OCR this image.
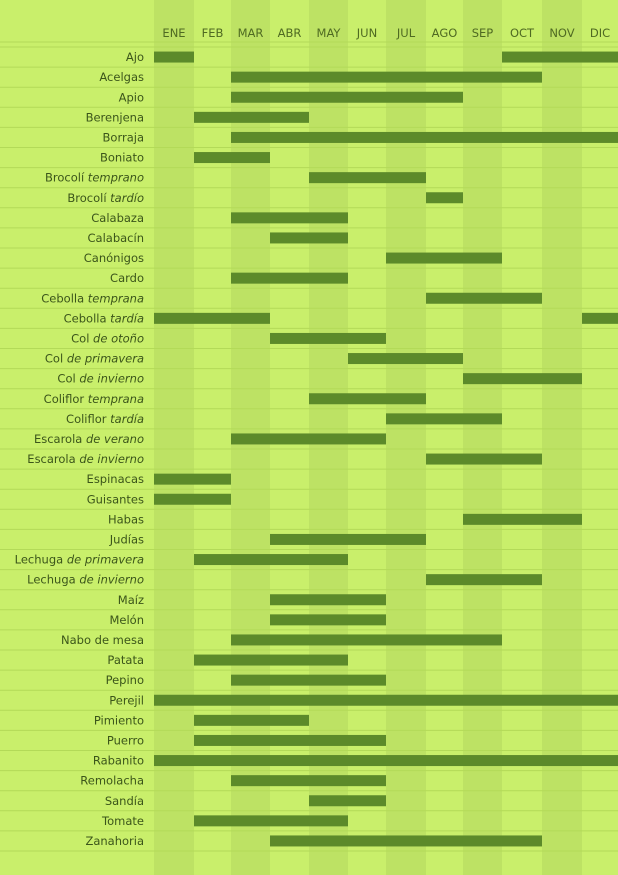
ENE FEB MAR ABR MAY JUN JUL AGO SEP OCT NOV DIC
Ajo
Acelgas
Apio
Berenjena
Borraja
Boniato
Brocolí temprano
Brocolí tardío
Calabaza
Calabacín
Canónigos
Cardo
Cebolla temprana
Cebolla tardía
Col de otoño
Col de primavera
Col de invierno
Coliflor temprana
Coliflor tardía
Escarola de verano
Escarola de invierno
Espinacas
Guisantes
Habas
Judías
Lechuga de primavera
Lechuga de invierno
Maíz
Melón
Nabo de mesa
Patata
Pepino
Perejil
Pimiento
Puerro
Rabanito
Remolacha
Sandía
Tomate
Zanahoria
